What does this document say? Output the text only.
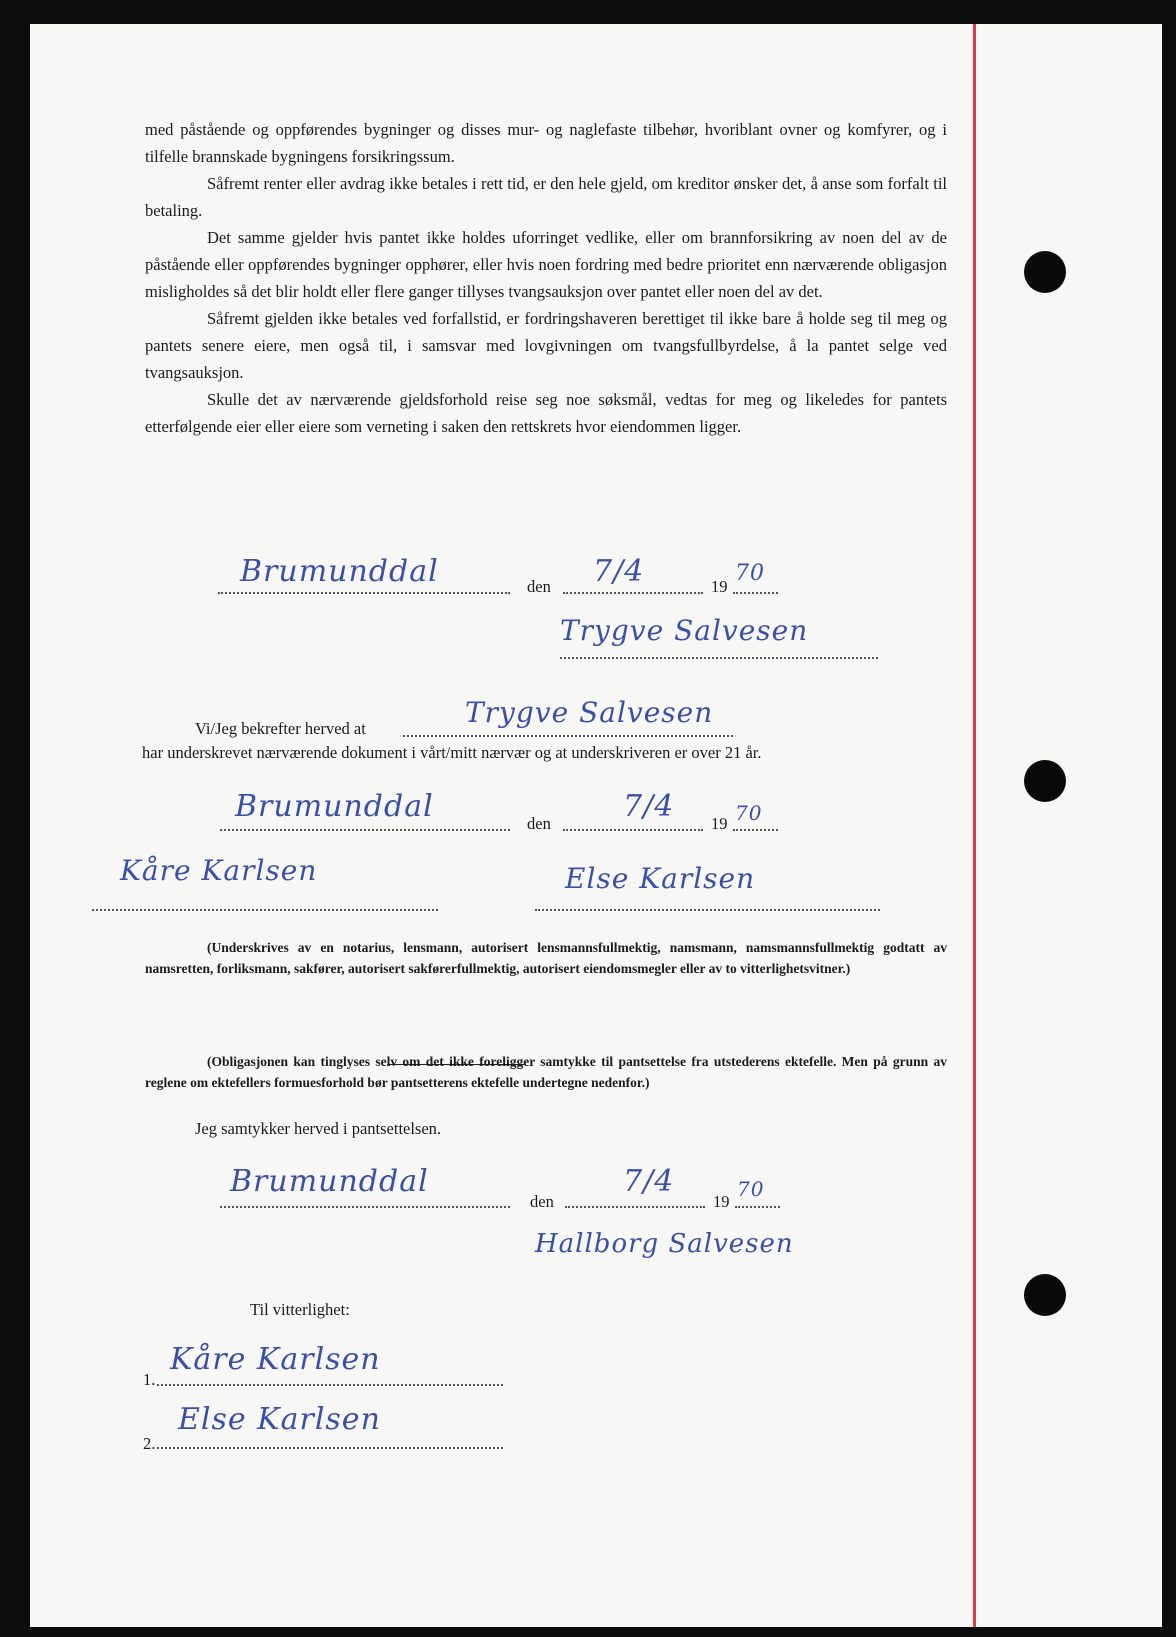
med påstående og oppførendes bygninger og disses mur- og naglefaste tilbehør, hvoriblant ovner og komfyrer, og i tilfelle brannskade bygningens forsikringssum.

Såfremt renter eller avdrag ikke betales i rett tid, er den hele gjeld, om kreditor ønsker det, å anse som forfalt til betaling.

Det samme gjelder hvis pantet ikke holdes uforringet vedlike, eller om brannforsikring av noen del av de påstående eller oppførendes bygninger opphører, eller hvis noen fordring med bedre prioritet enn nærværende obligasjon misligholdes så det blir holdt eller flere ganger tillyses tvangsauksjon over pantet eller noen del av det.

Såfremt gjelden ikke betales ved forfallstid, er fordringshaveren berettiget til ikke bare å holde seg til meg og pantets senere eiere, men også til, i samsvar med lovgivningen om tvangsfullbyrdelse, å la pantet selge ved tvangsauksjon.

Skulle det av nærværende gjeldsforhold reise seg noe søksmål, vedtas for meg og likeledes for pantets etterfølgende eier eller eiere som verneting i saken den rettskrets hvor eiendommen ligger.

Brumunddal	den 7/4	19
70
Trygve Salvesen
Vi/Jeg bekrefter herved at	Trygve Salvesen
har underskrevet nærværende dokument i vårt/mitt nærvær og at underskriveren er over 21 år.
Brumunddal	den 7/4 19 70
Kåre Karlsen	Else Karlsen

(Underskrives av en notarius, lensmann, autorisert lensmannsfullmektig, namsmann, namsmannsfullmektig godtatt av namsretten, forliksmann, sakfører, autorisert sakførerfullmektig, autorisert eiendomsmegler eller av to vitterlighetsvitner.)

(Obligasjonen kan tinglyses selv om det ikke foreligger samtykke til pantsettelse fra utstederens ektefelle. Men på grunn av reglene om ektefellers formuesforhold bør pantsetterens ektefelle undertegne nedenfor.)

Jeg samtykker herved i pantsettelsen.
Brumunddal
den
7/4
19
70
Hallborg Salvesen
Til vitterlighet:
1.
Kåre Karlsen
2.
Else Karlsen
